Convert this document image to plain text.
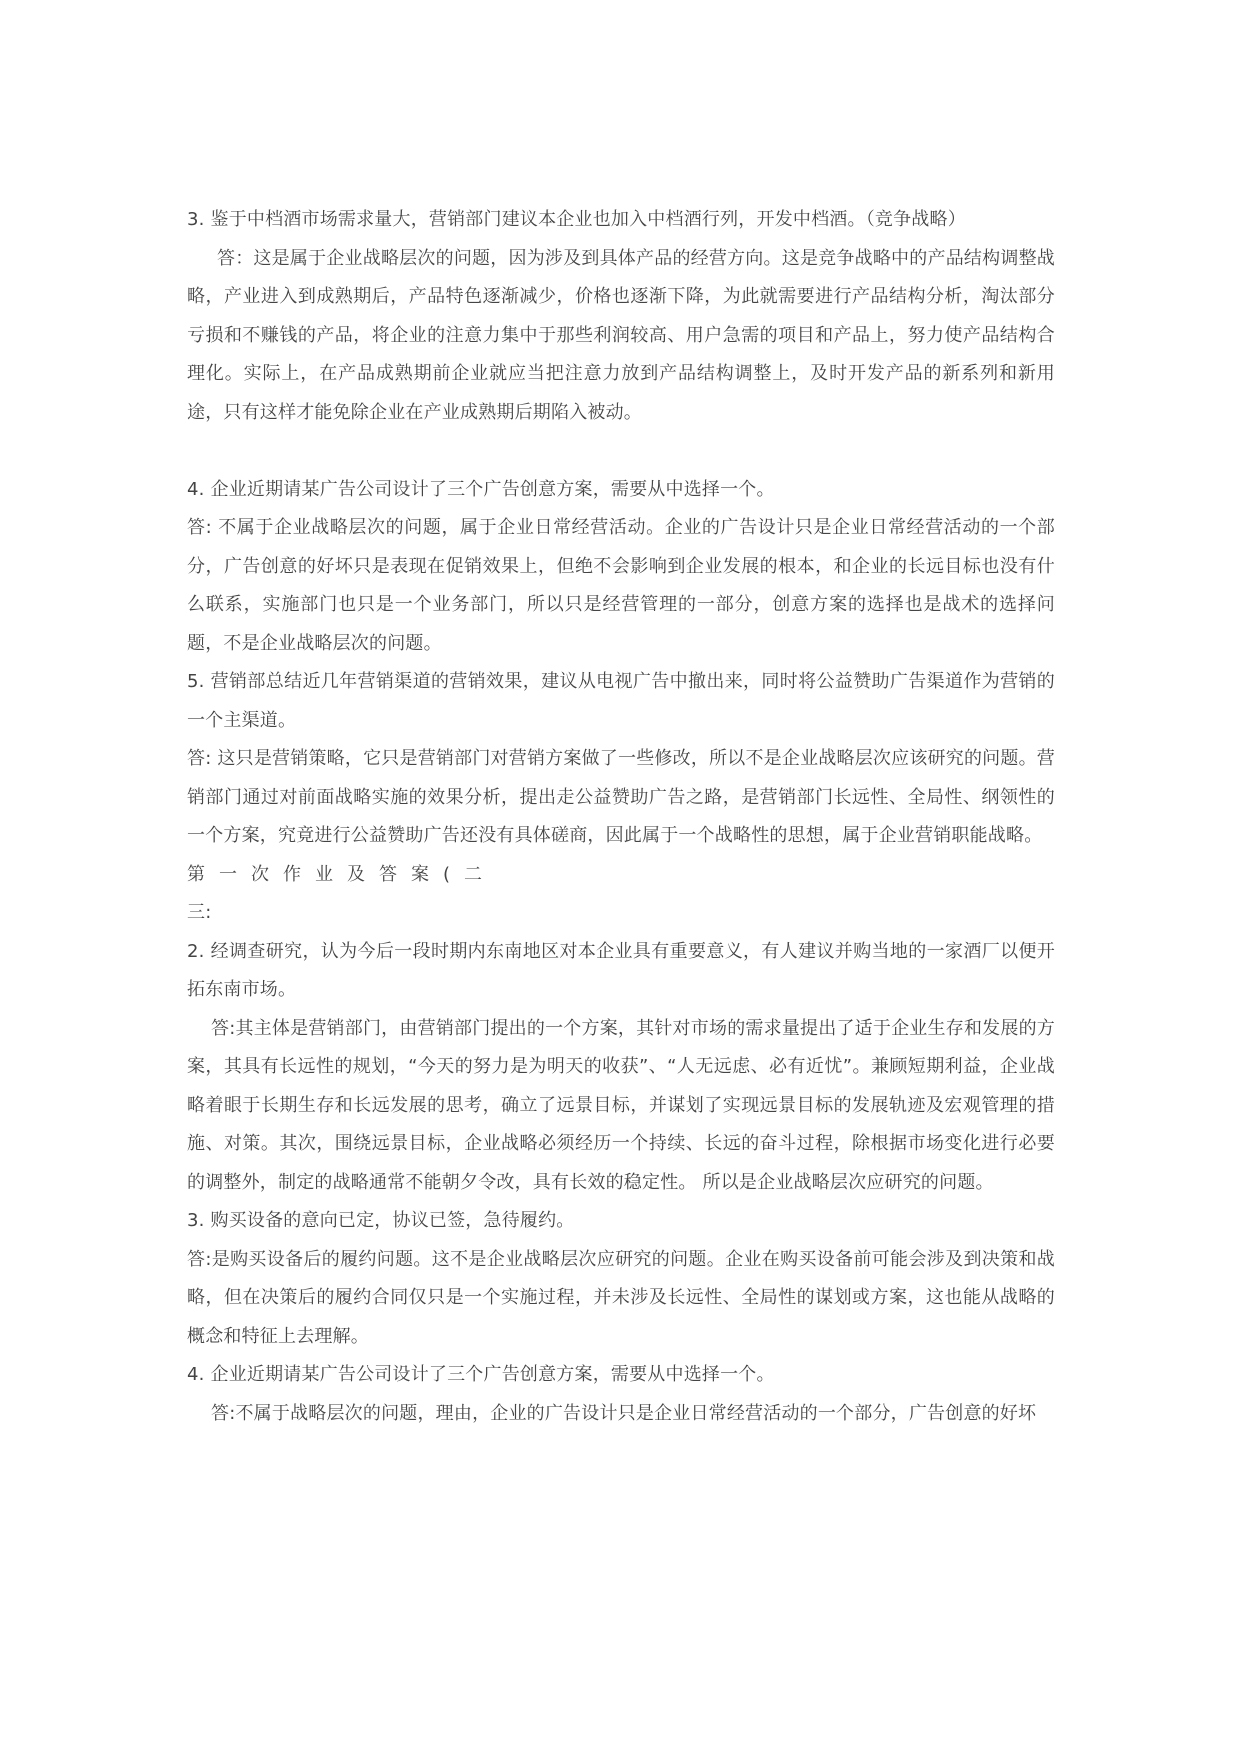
3. 鉴于中档酒市场需求量大，营销部门建议本企业也加入中档酒行列，开发中档酒。（竞争战略）

答：这是属于企业战略层次的问题，因为涉及到具体产品的经营方向。这是竞争战略中的产品结构调整战略，产业进入到成熟期后，产品特色逐渐减少，价格也逐渐下降，为此就需要进行产品结构分析，淘汰部分亏损和不赚钱的产品，将企业的注意力集中于那些利润较高、用户急需的项目和产品上，努力使产品结构合理化。实际上，在产品成熟期前企业就应当把注意力放到产品结构调整上，及时开发产品的新系列和新用途，只有这样才能免除企业在产业成熟期后期陷入被动。

4. 企业近期请某广告公司设计了三个广告创意方案，需要从中选择一个。

答: 不属于企业战略层次的问题，属于企业日常经营活动。企业的广告设计只是企业日常经营活动的一个部分，广告创意的好坏只是表现在促销效果上，但绝不会影响到企业发展的根本，和企业的长远目标也没有什么联系，实施部门也只是一个业务部门，所以只是经营管理的一部分，创意方案的选择也是战术的选择问题，不是企业战略层次的问题。

5. 营销部总结近几年营销渠道的营销效果，建议从电视广告中撤出来，同时将公益赞助广告渠道作为营销的一个主渠道。

答: 这只是营销策略，它只是营销部门对营销方案做了一些修改，所以不是企业战略层次应该研究的问题。营销部门通过对前面战略实施的效果分析，提出走公益赞助广告之路，是营销部门长远性、全局性、纲领性的一个方案，究竟进行公益赞助广告还没有具体磋商，因此属于一个战略性的思想，属于企业营销职能战略。

第一次作业及答案(二

三:

2. 经调查研究，认为今后一段时期内东南地区对本企业具有重要意义，有人建议并购当地的一家酒厂以便开拓东南市场。

答:其主体是营销部门，由营销部门提出的一个方案，其针对市场的需求量提出了适于企业生存和发展的方案，其具有长远性的规划，“今天的努力是为明天的收获”、“人无远虑、必有近忧”。兼顾短期利益，企业战略着眼于长期生存和长远发展的思考，确立了远景目标，并谋划了实现远景目标的发展轨迹及宏观管理的措施、对策。其次，围绕远景目标，企业战略必须经历一个持续、长远的奋斗过程，除根据市场变化进行必要的调整外，制定的战略通常不能朝夕令改，具有长效的稳定性。 所以是企业战略层次应研究的问题。

3. 购买设备的意向已定，协议已签，急待履约。

答:是购买设备后的履约问题。这不是企业战略层次应研究的问题。企业在购买设备前可能会涉及到决策和战略，但在决策后的履约合同仅只是一个实施过程，并未涉及长远性、全局性的谋划或方案，这也能从战略的概念和特征上去理解。

4. 企业近期请某广告公司设计了三个广告创意方案，需要从中选择一个。

答:不属于战略层次的问题，理由，企业的广告设计只是企业日常经营活动的一个部分，广告创意的好坏
